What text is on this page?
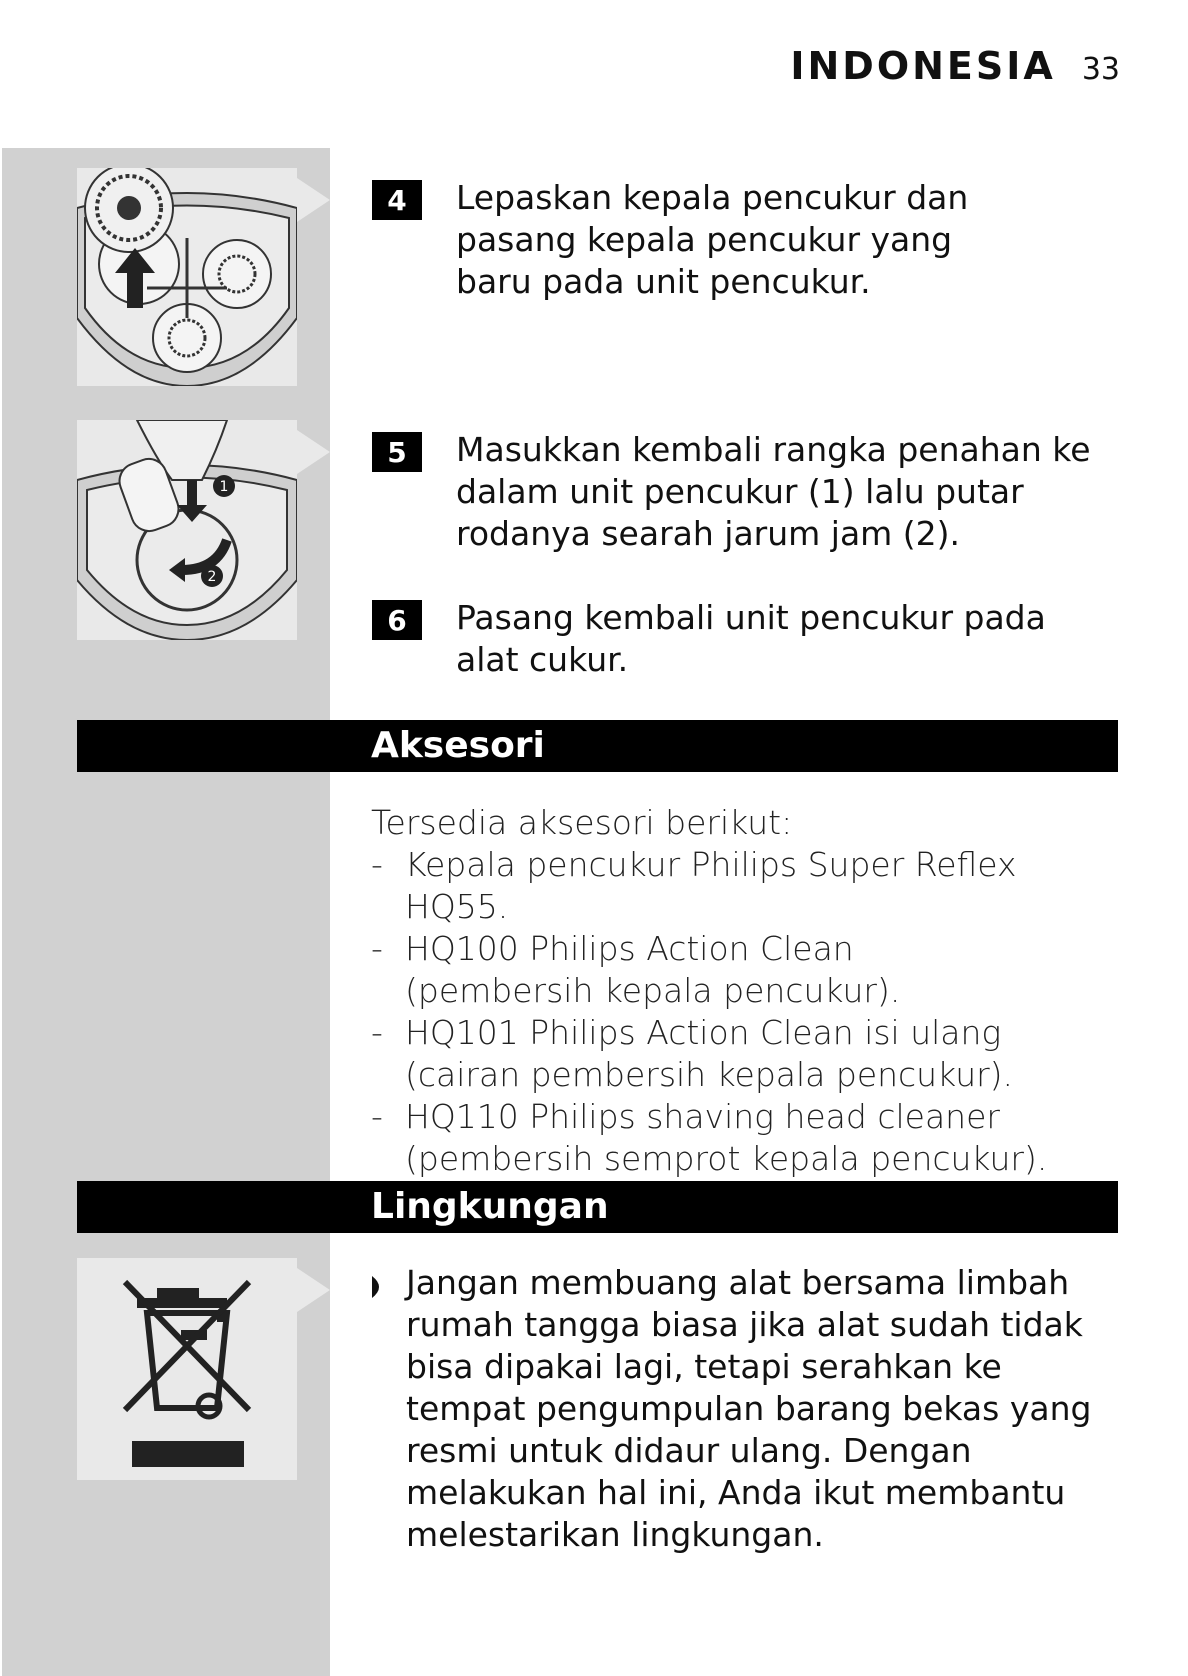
INDONESIA 33
1
2
4	Lepaskan kepala pencukur dan pasang kepala pencukur yang baru pada unit pencukur.
5	Masukkan kembali rangka penahan ke dalam unit pencukur (1) lalu putar rodanya searah jarum jam (2).
6	Pasang kembali unit pencukur pada alat cukur.
Aksesori
Tersedia aksesori berikut:
- Kepala pencukur Philips Super Reflex HQ55.
- HQ100 Philips Action Clean
(pembersih kepala pencukur).
- HQ101 Philips Action Clean isi ulang
(cairan pembersih kepala pencukur).
- HQ110 Philips shaving head cleaner
(pembersih semprot kepala pencukur).
Lingkungan
Jangan membuang alat bersama limbah rumah tangga biasa jika alat sudah tidak bisa dipakai lagi, tetapi serahkan ke tempat pengumpulan barang bekas yang resmi untuk didaur ulang. Dengan melakukan hal ini, Anda ikut membantu melestarikan lingkungan.
